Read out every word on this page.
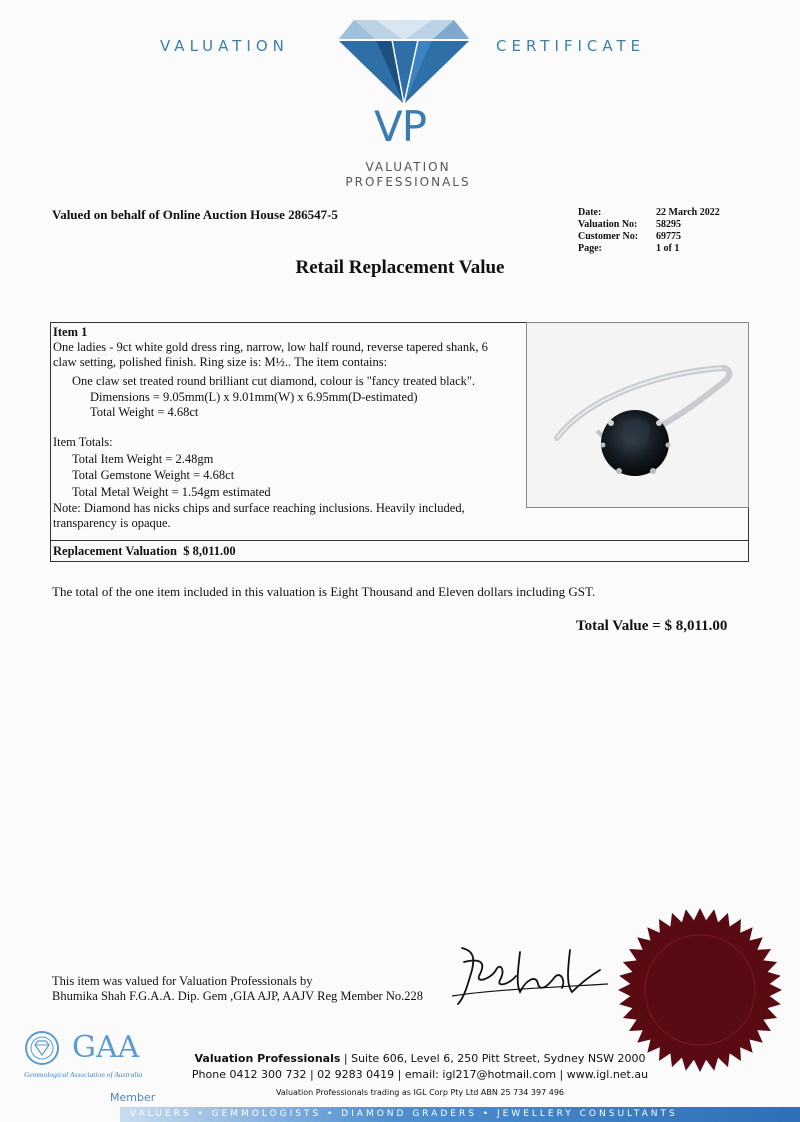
VALUATION	CERTIFICATE
VP
VALUATION
PROFESSIONALS
Valued on behalf of Online Auction House 286547-5	Date:	22 March 2022
Valuation No:	58295
Customer No:	69775
Page:	1 of 1
Retail Replacement Value
Item 1
One ladies - 9ct white gold dress ring, narrow, low half round, reverse tapered shank, 6
claw setting, polished finish. Ring size is: M½.. The item contains:
One claw set treated round brilliant cut diamond, colour is "fancy treated black".
Dimensions = 9.05mm(L) x 9.01mm(W) x 6.95mm(D-estimated)
Total Weight = 4.68ct
Item Totals:
Total Item Weight = 2.48gm
Total Gemstone Weight = 4.68ct
Total Metal Weight = 1.54gm estimated
Note: Diamond has nicks chips and surface reaching inclusions. Heavily included,
transparency is opaque.
Replacement Valuation $ 8,011.00
The total of the one item included in this valuation is Eight Thousand and Eleven dollars including GST.
Total Value = $ 8,011.00
This item was valued for Valuation Professionals by
Bhumika Shah F.G.A.A. Dip. Gem ,GIA AJP, AAJV Reg Member No.228
GAA
Gemmological Association of Australia
Member
Valuation Professionals | Suite 606, Level 6, 250 Pitt Street, Sydney NSW 2000
Phone 0412 300 732 | 02 9283 0419 | email: igl217@hotmail.com | www.igl.net.au
Valuation Professionals trading as IGL Corp Pty Ltd ABN 25 734 397 496
VALUERS • GEMMOLOGISTS • DIAMOND GRADERS • JEWELLERY CONSULTANTS
